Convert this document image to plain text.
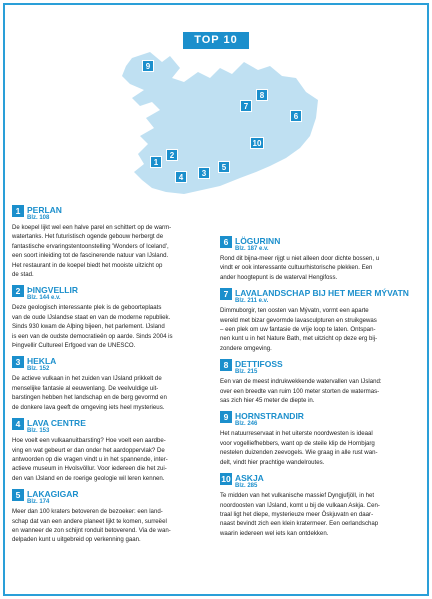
TOP 10
9
8
7
6
10
1
2
3
4
5
1 PERLAN
Blz. 108
De koepel lijkt wel een halve parel en schittert op de warm-
watertanks. Het futuristisch ogende gebouw herbergt de
fantastische ervaringstentoonstelling 'Wonders of Iceland',
een soort inleiding tot de fascinerende natuur van IJsland.
Het restaurant in de koepel biedt het mooiste uitzicht op
de stad.
2 ÞINGVELLIR
Blz. 144 e.v.
Deze geologisch interessante plek is de geboorteplaats
van de oude IJslandse staat en van de moderne republiek.
Sinds 930 kwam de Alþing bijeen, het parlement. IJsland
is een van de oudste democratieën op aarde. Sinds 2004 is
Þingvellir Cultureel Erfgoed van de UNESCO.
3 HEKLA
Blz. 152
De actieve vulkaan in het zuiden van IJsland prikkelt de
menselijke fantasie al eeuwenlang. De veelvuldige uit-
barstingen hebben het landschap en de berg gevormd en
de donkere lava geeft de omgeving iets heel mysterieus.
4 LAVA CENTRE
Blz. 153
Hoe voelt een vulkaanuitbarsting? Hoe voelt een aardbe-
ving en wat gebeurt er dan onder het aardoppervlak? De
antwoorden op die vragen vindt u in het spannende, inter-
actieve museum in Hvolsvöllur. Voor iedereen die het zui-
den van IJsland en de roerige geologie wil leren kennen.
5 LAKAGIGAR
Blz. 174
Meer dan 100 kraters betoveren de bezoeker: een land-
schap dat van een andere planeet lijkt te komen, surreëel
en wanneer de zon schijnt ronduit betoverend. Via de wan-
delpaden kunt u uitgebreid op verkenning gaan.
6 LÖGURINN
Blz. 187 e.v.
Rond dit bijna-meer rijgt u niet alleen door dichte bossen, u
vindt er ook interessante cultuurhistorische plekken. Een
ander hoogtepunt is de waterval Hengifoss.
7 LAVALANDSCHAP BIJ HET MEER MÝVATN
Blz. 211 e.v.
Dimmuborgir, ten oosten van Mývatn, vormt een aparte
wereld met bizar gevormde lavasculpturen en struikgewas
– een plek om uw fantasie de vrije loop te laten. Ontspan-
nen kunt u in het Nature Bath, met uitzicht op deze erg bij-
zondere omgeving.
8 DETTIFOSS
Blz. 215
Een van de meest indrukwekkende watervallen van IJsland:
over een breedte van ruim 100 meter storten de watermas-
sas zich hier 45 meter de diepte in.
9 HORNSTRANDIR
Blz. 246
Het natuurreservaat in het uiterste noordwesten is ideaal
voor vogelliefhebbers, want op de steile klip de Hornbjarg
nestelen duizenden zeevogels. Wie graag in alle rust wan-
delt, vindt hier prachtige wandelroutes.
10 ASKJA
Blz. 285
Te midden van het vulkanische massief Dyngjufjöll, in het
noordoosten van IJsland, komt u bij de vulkaan Askja. Cen-
traal ligt het diepe, mysterieuze meer Öskjuvatn en daar-
naast bevindt zich een klein kratermeer. Een oerlandschap
waarin iedereen wel iets kan ontdekken.
